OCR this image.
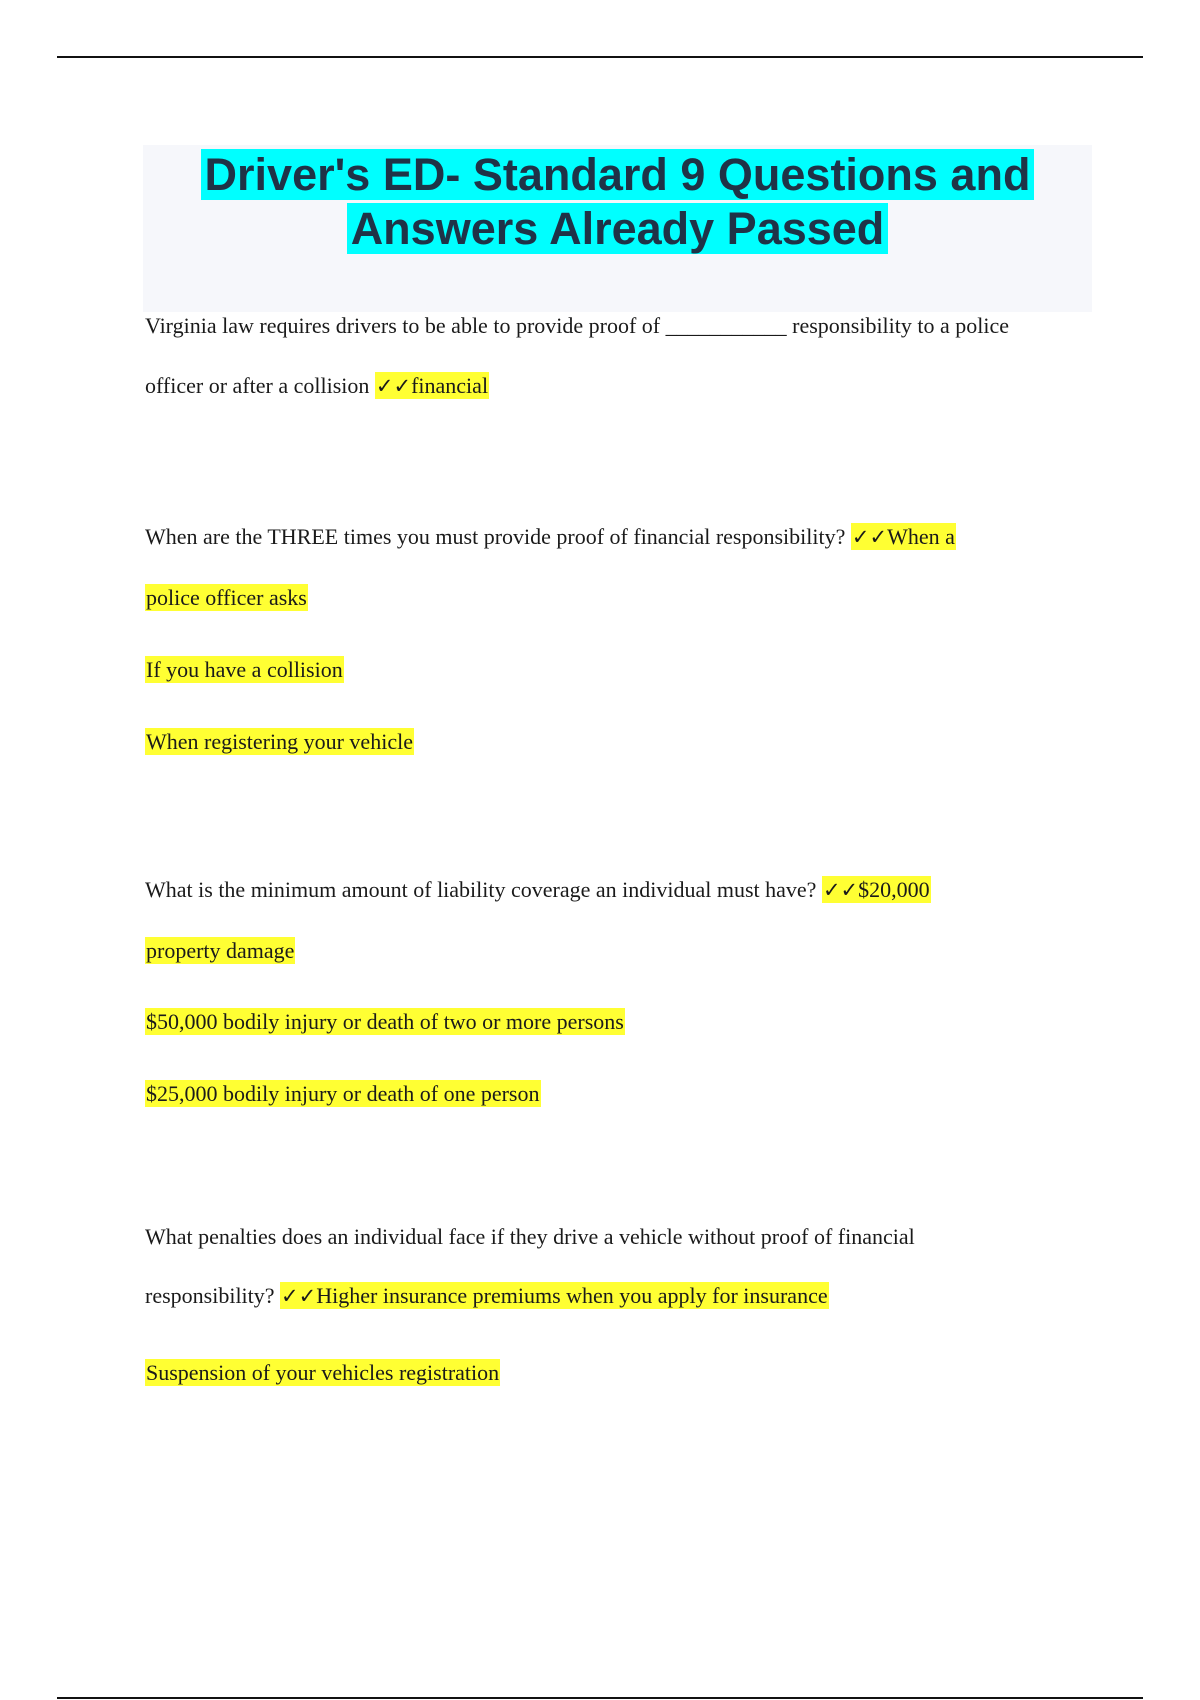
Driver's ED- Standard 9 Questions and
Answers Already Passed
Virginia law requires drivers to be able to provide proof of ___________ responsibility to a police
officer or after a collision ✓✓financial
When are the THREE times you must provide proof of financial responsibility? ✓✓When a
police officer asks
If you have a collision
When registering your vehicle
What is the minimum amount of liability coverage an individual must have? ✓✓$20,000
property damage
$50,000 bodily injury or death of two or more persons
$25,000 bodily injury or death of one person
What penalties does an individual face if they drive a vehicle without proof of financial
responsibility? ✓✓Higher insurance premiums when you apply for insurance
Suspension of your vehicles registration
